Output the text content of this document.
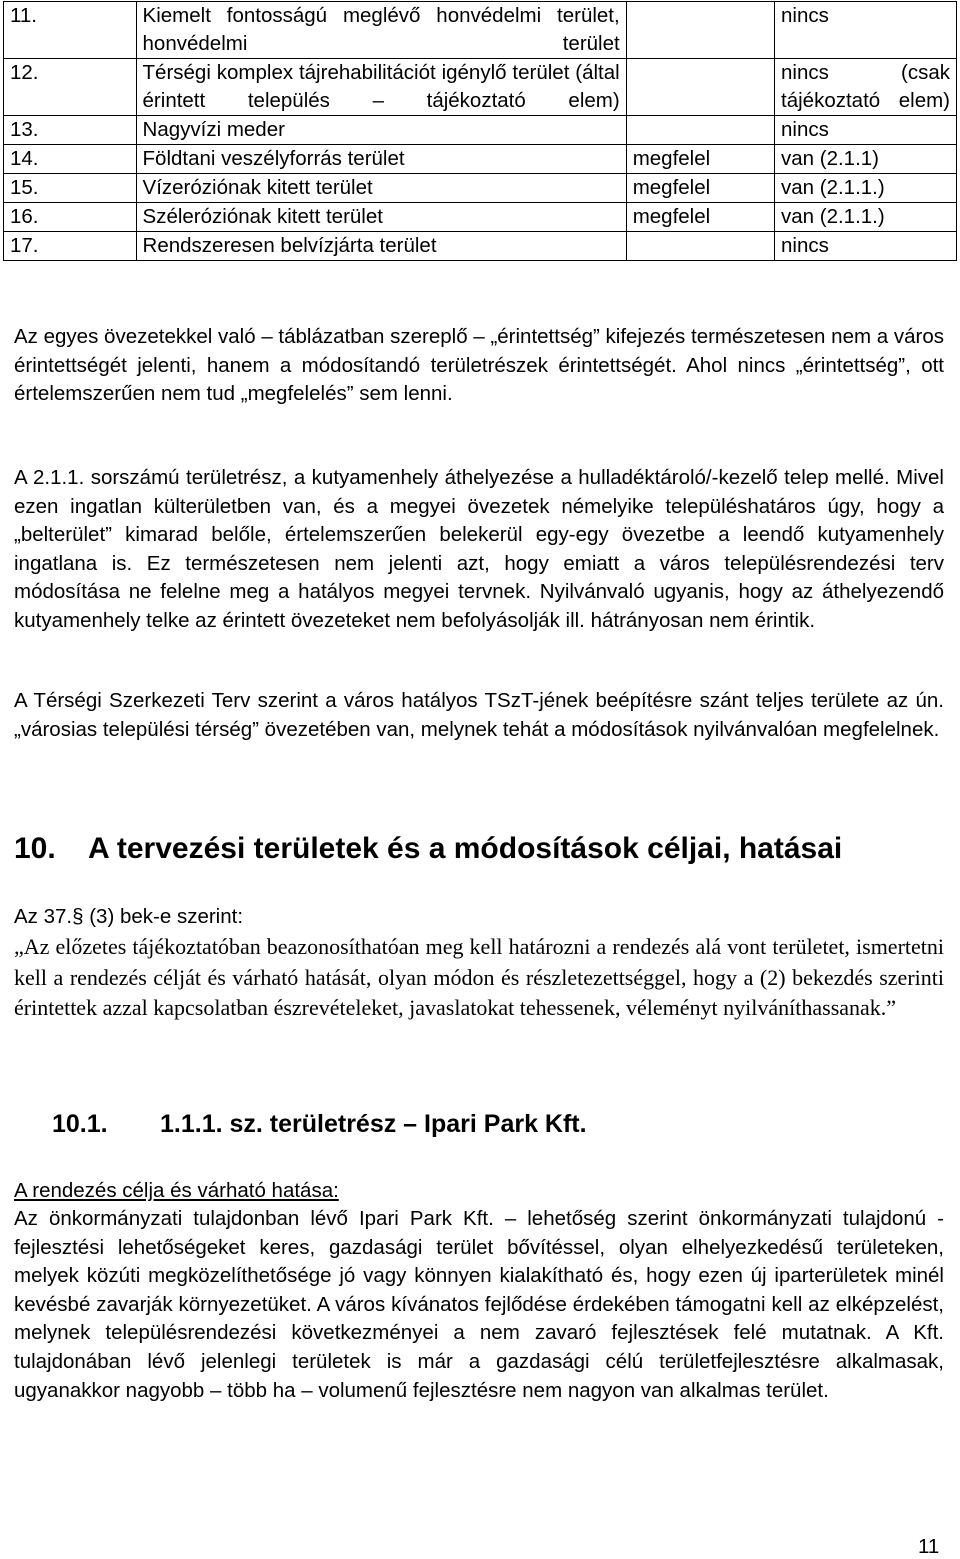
11.	Kiemelt fontosságú meglévő honvédelmi terület, honvédelmi terület		nincs
12.	Térségi komplex tájrehabilitációt igénylő terület (által érintett település – tájékoztató elem)		nincs (csak tájékoztató elem)
13.	Nagyvízi meder		nincs
14.	Földtani veszélyforrás terület	megfelel	van (2.1.1)
15.	Vízeróziónak kitett terület	megfelel	van (2.1.1.)
16.	Széleróziónak kitett terület	megfelel	van (2.1.1.)
17.	Rendszeresen belvízjárta terület		nincs

Az egyes övezetekkel való – táblázatban szereplő – „érintettség” kifejezés természetesen nem a város érintettségét jelenti, hanem a módosítandó területrészek érintettségét. Ahol nincs „érintettség”, ott értelemszerűen nem tud „megfelelés” sem lenni.

A 2.1.1. sorszámú területrész, a kutyamenhely áthelyezése a hulladéktároló/-kezelő telep mellé. Mivel ezen ingatlan külterületben van, és a megyei övezetek némelyike településhatáros úgy, hogy a „belterület” kimarad belőle, értelemszerűen belekerül egy-egy övezetbe a leendő kutyamenhely ingatlana is. Ez természetesen nem jelenti azt, hogy emiatt a város településrendezési terv módosítása ne felelne meg a hatályos megyei tervnek. Nyilvánvaló ugyanis, hogy az áthelyezendő kutyamenhely telke az érintett övezeteket nem befolyásolják ill. hátrányosan nem érintik.

A Térségi Szerkezeti Terv szerint a város hatályos TSzT-jének beépítésre szánt teljes területe az ún. „városias települési térség” övezetében van, melynek tehát a módosítások nyilvánvalóan megfelelnek.

10. A tervezési területek és a módosítások céljai, hatásai

Az 37.§ (3) bek-e szerint:

„Az előzetes tájékoztatóban beazonosíthatóan meg kell határozni a rendezés alá vont területet, ismertetni kell a rendezés célját és várható hatását, olyan módon és részletezettséggel, hogy a (2) bekezdés szerinti érintettek azzal kapcsolatban észrevételeket, javaslatokat tehessenek, véleményt nyilváníthassanak.”

10.1. 1.1.1. sz. területrész – Ipari Park Kft.

A rendezés célja és várható hatása:

Az önkormányzati tulajdonban lévő Ipari Park Kft. – lehetőség szerint önkormányzati tulajdonú - fejlesztési lehetőségeket keres, gazdasági terület bővítéssel, olyan elhelyezkedésű területeken, melyek közúti megközelíthetősége jó vagy könnyen kialakítható és, hogy ezen új iparterületek minél kevésbé zavarják környezetüket. A város kívánatos fejlődése érdekében támogatni kell az elképzelést, melynek településrendezési következményei a nem zavaró fejlesztések felé mutatnak. A Kft. tulajdonában lévő jelenlegi területek is már a gazdasági célú területfejlesztésre alkalmasak, ugyanakkor nagyobb – több ha – volumenű fejlesztésre nem nagyon van alkalmas terület.

11
